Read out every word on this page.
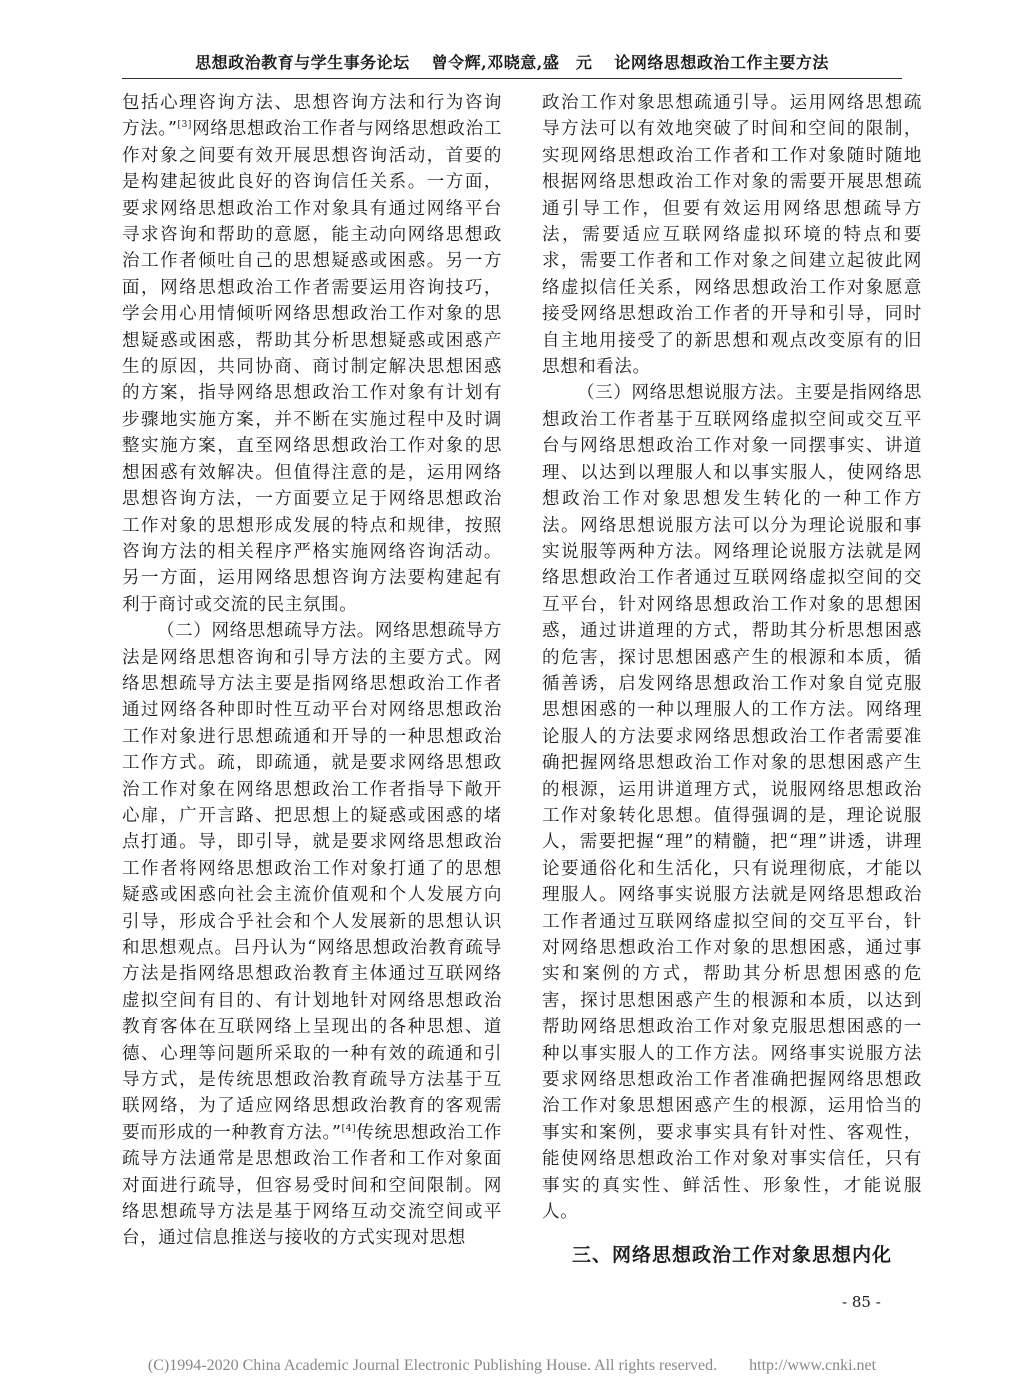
思想政治教育与学生事务论坛 曾令辉,邓晓意,盛　元 论网络思想政治工作主要方法

包括心理咨询方法、思想咨询方法和行为咨询方法。”[3]网络思想政治工作者与网络思想政治工作对象之间要有效开展思想咨询活动，首要的是构建起彼此良好的咨询信任关系。一方面，要求网络思想政治工作对象具有通过网络平台寻求咨询和帮助的意愿，能主动向网络思想政治工作者倾吐自己的思想疑惑或困惑。另一方面，网络思想政治工作者需要运用咨询技巧，学会用心用情倾听网络思想政治工作对象的思想疑惑或困惑，帮助其分析思想疑惑或困惑产生的原因，共同协商、商讨制定解决思想困惑的方案，指导网络思想政治工作对象有计划有步骤地实施方案，并不断在实施过程中及时调整实施方案，直至网络思想政治工作对象的思想困惑有效解决。但值得注意的是，运用网络思想咨询方法，一方面要立足于网络思想政治工作对象的思想形成发展的特点和规律，按照咨询方法的相关程序严格实施网络咨询活动。另一方面，运用网络思想咨询方法要构建起有利于商讨或交流的民主氛围。

（二）网络思想疏导方法。网络思想疏导方法是网络思想咨询和引导方法的主要方式。网络思想疏导方法主要是指网络思想政治工作者通过网络各种即时性互动平台对网络思想政治工作对象进行思想疏通和开导的一种思想政治工作方式。疏，即疏通，就是要求网络思想政治工作对象在网络思想政治工作者指导下敞开心扉，广开言路、把思想上的疑惑或困惑的堵点打通。导，即引导，就是要求网络思想政治工作者将网络思想政治工作对象打通了的思想疑惑或困惑向社会主流价值观和个人发展方向引导，形成合乎社会和个人发展新的思想认识和思想观点。吕丹认为“网络思想政治教育疏导方法是指网络思想政治教育主体通过互联网络虚拟空间有目的、有计划地针对网络思想政治教育客体在互联网络上呈现出的各种思想、道德、心理等问题所采取的一种有效的疏通和引导方式，是传统思想政治教育疏导方法基于互联网络，为了适应网络思想政治教育的客观需要而形成的一种教育方法。”[4]传统思想政治工作疏导方法通常是思想政治工作者和工作对象面对面进行疏导，但容易受时间和空间限制。网络思想疏导方法是基于网络互动交流空间或平台，通过信息推送与接收的方式实现对思想

政治工作对象思想疏通引导。运用网络思想疏导方法可以有效地突破了时间和空间的限制，实现网络思想政治工作者和工作对象随时随地根据网络思想政治工作对象的需要开展思想疏通引导工作，但要有效运用网络思想疏导方法，需要适应互联网络虚拟环境的特点和要求，需要工作者和工作对象之间建立起彼此网络虚拟信任关系，网络思想政治工作对象愿意接受网络思想政治工作者的开导和引导，同时自主地用接受了的新思想和观点改变原有的旧思想和看法。

（三）网络思想说服方法。主要是指网络思想政治工作者基于互联网络虚拟空间或交互平台与网络思想政治工作对象一同摆事实、讲道理、以达到以理服人和以事实服人，使网络思想政治工作对象思想发生转化的一种工作方法。网络思想说服方法可以分为理论说服和事实说服等两种方法。网络理论说服方法就是网络思想政治工作者通过互联网络虚拟空间的交互平台，针对网络思想政治工作对象的思想困惑，通过讲道理的方式，帮助其分析思想困惑的危害，探讨思想困惑产生的根源和本质，循循善诱，启发网络思想政治工作对象自觉克服思想困惑的一种以理服人的工作方法。网络理论服人的方法要求网络思想政治工作者需要准确把握网络思想政治工作对象的思想困惑产生的根源，运用讲道理方式，说服网络思想政治工作对象转化思想。值得强调的是，理论说服人，需要把握“理”的精髓，把“理”讲透，讲理论要通俗化和生活化，只有说理彻底，才能以理服人。网络事实说服方法就是网络思想政治工作者通过互联网络虚拟空间的交互平台，针对网络思想政治工作对象的思想困惑，通过事实和案例的方式，帮助其分析思想困惑的危害，探讨思想困惑产生的根源和本质，以达到帮助网络思想政治工作对象克服思想困惑的一种以事实服人的工作方法。网络事实说服方法要求网络思想政治工作者准确把握网络思想政治工作对象思想困惑产生的根源，运用恰当的事实和案例，要求事实具有针对性、客观性，能使网络思想政治工作对象对事实信任，只有事实的真实性、鲜活性、形象性，才能说服人。

三、网络思想政治工作对象思想内化
- 85 -
(C)1994-2020 China Academic Journal Electronic Publishing House. All rights reserved.　　http://www.cnki.net
